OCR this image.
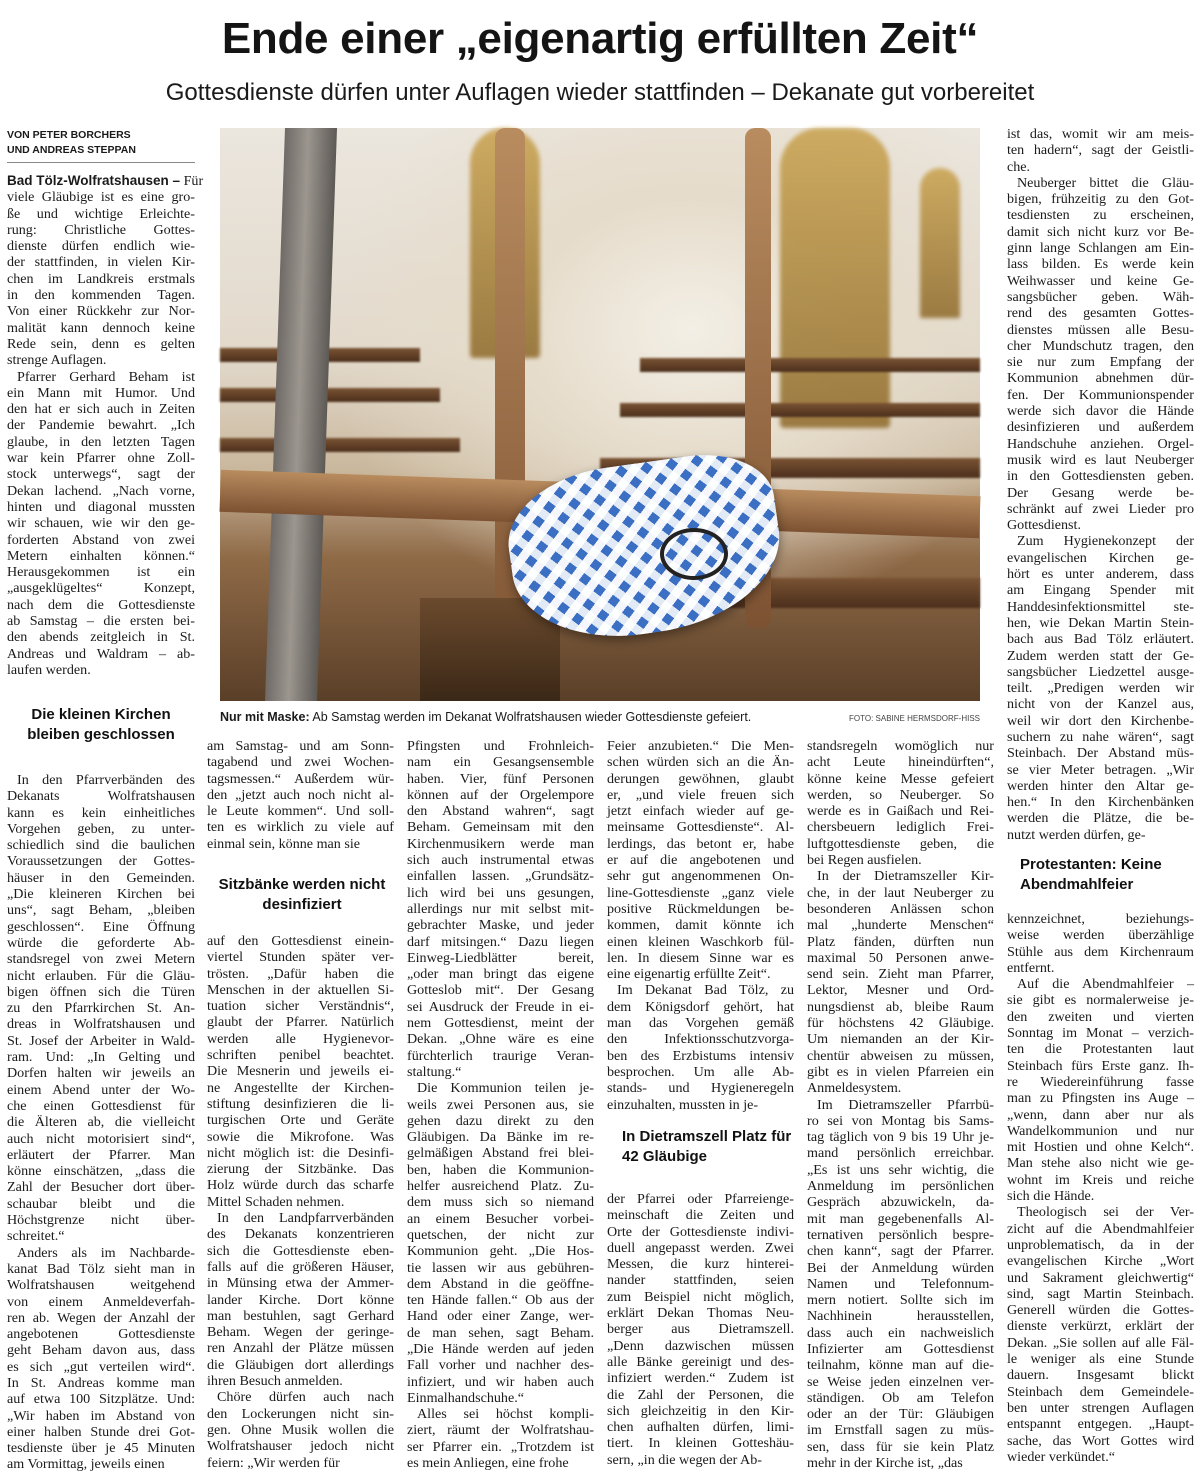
Ende einer „eigenartig erfüllten Zeit“
Gottesdienste dürfen unter Auflagen wieder stattfinden – Dekanate gut vorbereitet
VON PETER BORCHERS
UND ANDREAS STEPPAN
Nur mit Maske: Ab Samstag werden im Dekanat Wolfratshausen wieder Gottesdienste gefeiert.	FOTO: SABINE HERMSDORF-HISS
Bad Tölz-Wolfratshausen – Für
viele Gläubige ist es eine gro-
ße und wichtige Erleichte-
rung: Christliche Gottes-
dienste dürfen endlich wie-
der stattfinden, in vielen Kir-
chen im Landkreis erstmals
in den kommenden Tagen.
Von einer Rückkehr zur Nor-
malität kann dennoch keine
Rede sein, denn es gelten
strenge Auflagen.
Pfarrer Gerhard Beham ist
ein Mann mit Humor. Und
den hat er sich auch in Zeiten
der Pandemie bewahrt. „Ich
glaube, in den letzten Tagen
war kein Pfarrer ohne Zoll-
stock unterwegs“, sagt der
Dekan lachend. „Nach vorne,
hinten und diagonal mussten
wir schauen, wie wir den ge-
forderten Abstand von zwei
Metern einhalten können.“
Herausgekommen ist ein
„ausgeklügeltes“ Konzept,
nach dem die Gottesdienste
ab Samstag – die ersten bei-
den abends zeitgleich in St.
Andreas und Waldram – ab-
laufen werden.
Die kleinen Kirchen bleiben geschlossen
In den Pfarrverbänden des
Dekanats Wolfratshausen
kann es kein einheitliches
Vorgehen geben, zu unter-
schiedlich sind die baulichen
Voraussetzungen der Gottes-
häuser in den Gemeinden.
„Die kleineren Kirchen bei
uns“, sagt Beham, „bleiben
geschlossen“. Eine Öffnung
würde die geforderte Ab-
standsregel von zwei Metern
nicht erlauben. Für die Gläu-
bigen öffnen sich die Türen
zu den Pfarrkirchen St. An-
dreas in Wolfratshausen und
St. Josef der Arbeiter in Wald-
ram. Und: „In Gelting und
Dorfen halten wir jeweils an
einem Abend unter der Wo-
che einen Gottesdienst für
die Älteren ab, die vielleicht
auch nicht motorisiert sind“,
erläutert der Pfarrer. Man
könne einschätzen, „dass die
Zahl der Besucher dort über-
schaubar bleibt und die
Höchstgrenze nicht über-
schreitet.“
Anders als im Nachbarde-
kanat Bad Tölz sieht man in
Wolfratshausen weitgehend
von einem Anmeldeverfah-
ren ab. Wegen der Anzahl der
angebotenen Gottesdienste
geht Beham davon aus, dass
es sich „gut verteilen wird“.
In St. Andreas komme man
auf etwa 100 Sitzplätze. Und:
„Wir haben im Abstand von
einer halben Stunde drei Got-
tesdienste über je 45 Minuten
am Vormittag, jeweils einen
am Samstag- und am Sonn-
tagabend und zwei Wochen-
tagsmessen.“ Außerdem wür-
den „jetzt auch noch nicht al-
le Leute kommen“. Und soll-
ten es wirklich zu viele auf
einmal sein, könne man sie
Sitzbänke werden nicht desinfiziert
auf den Gottesdienst einein-
viertel Stunden später ver-
trösten. „Dafür haben die
Menschen in der aktuellen Si-
tuation sicher Verständnis“,
glaubt der Pfarrer. Natürlich
werden alle Hygienevor-
schriften penibel beachtet.
Die Mesnerin und jeweils ei-
ne Angestellte der Kirchen-
stiftung desinfizieren die li-
turgischen Orte und Geräte
sowie die Mikrofone. Was
nicht möglich ist: die Desinfi-
zierung der Sitzbänke. Das
Holz würde durch das scharfe
Mittel Schaden nehmen.
In den Landpfarrverbänden
des Dekanats konzentrieren
sich die Gottesdienste eben-
falls auf die größeren Häuser,
in Münsing etwa der Ammer-
lander Kirche. Dort könne
man bestuhlen, sagt Gerhard
Beham. Wegen der geringe-
ren Anzahl der Plätze müssen
die Gläubigen dort allerdings
ihren Besuch anmelden.
Chöre dürfen auch nach
den Lockerungen nicht sin-
gen. Ohne Musik wollen die
Wolfratshauser jedoch nicht
feiern: „Wir werden für
Pfingsten und Frohnleich-
nam ein Gesangsensemble
haben. Vier, fünf Personen
können auf der Orgelempore
den Abstand wahren“, sagt
Beham. Gemeinsam mit den
Kirchenmusikern werde man
sich auch instrumental etwas
einfallen lassen. „Grundsätz-
lich wird bei uns gesungen,
allerdings nur mit selbst mit-
gebrachter Maske, und jeder
darf mitsingen.“ Dazu liegen
Einweg-Liedblätter bereit,
„oder man bringt das eigene
Gotteslob mit“. Der Gesang
sei Ausdruck der Freude in ei-
nem Gottesdienst, meint der
Dekan. „Ohne wäre es eine
fürchterlich traurige Veran-
staltung.“
Die Kommunion teilen je-
weils zwei Personen aus, sie
gehen dazu direkt zu den
Gläubigen. Da Bänke im re-
gelmäßigen Abstand frei blei-
ben, haben die Kommunion-
helfer ausreichend Platz. Zu-
dem muss sich so niemand
an einem Besucher vorbei-
quetschen, der nicht zur
Kommunion geht. „Die Hos-
tie lassen wir aus gebühren-
dem Abstand in die geöffne-
ten Hände fallen.“ Ob aus der
Hand oder einer Zange, wer-
de man sehen, sagt Beham.
„Die Hände werden auf jeden
Fall vorher und nachher des-
infiziert, und wir haben auch
Einmalhandschuhe.“
Alles sei höchst kompli-
ziert, räumt der Wolfratshau-
ser Pfarrer ein. „Trotzdem ist
es mein Anliegen, eine frohe
Feier anzubieten.“ Die Men-
schen würden sich an die Än-
derungen gewöhnen, glaubt
er, „und viele freuen sich
jetzt einfach wieder auf ge-
meinsame Gottesdienste“. Al-
lerdings, das betont er, habe
er auf die angebotenen und
sehr gut angenommenen On-
line-Gottesdienste „ganz viele
positive Rückmeldungen be-
kommen, damit könnte ich
einen kleinen Waschkorb fül-
len. In diesem Sinne war es
eine eigenartig erfüllte Zeit“.
Im Dekanat Bad Tölz, zu
dem Königsdorf gehört, hat
man das Vorgehen gemäß
den Infektionsschutzvorga-
ben des Erzbistums intensiv
besprochen. Um alle Ab-
stands- und Hygieneregeln
einzuhalten, mussten in je-
In Dietramszell Platz für 42 Gläubige
der Pfarrei oder Pfarreienge-
meinschaft die Zeiten und
Orte der Gottesdienste indivi-
duell angepasst werden. Zwei
Messen, die kurz hinterei-
nander stattfinden, seien
zum Beispiel nicht möglich,
erklärt Dekan Thomas Neu-
berger aus Dietramszell.
„Denn dazwischen müssen
alle Bänke gereinigt und des-
infiziert werden.“ Zudem ist
die Zahl der Personen, die
sich gleichzeitig in den Kir-
chen aufhalten dürfen, limi-
tiert. In kleinen Gotteshäu-
sern, „in die wegen der Ab-
standsregeln womöglich nur
acht Leute hineindürften“,
könne keine Messe gefeiert
werden, so Neuberger. So
werde es in Gaißach und Rei-
chersbeuern lediglich Frei-
luftgottesdienste geben, die
bei Regen ausfielen.
In der Dietramszeller Kir-
che, in der laut Neuberger zu
besonderen Anlässen schon
mal „hunderte Menschen“
Platz fänden, dürften nun
maximal 50 Personen anwe-
send sein. Zieht man Pfarrer,
Lektor, Mesner und Ord-
nungsdienst ab, bleibe Raum
für höchstens 42 Gläubige.
Um niemanden an der Kir-
chentür abweisen zu müssen,
gibt es in vielen Pfarreien ein
Anmeldesystem.
Im Dietramszeller Pfarrbü-
ro sei von Montag bis Sams-
tag täglich von 9 bis 19 Uhr je-
mand persönlich erreichbar.
„Es ist uns sehr wichtig, die
Anmeldung im persönlichen
Gespräch abzuwickeln, da-
mit man gegebenenfalls Al-
ternativen persönlich bespre-
chen kann“, sagt der Pfarrer.
Bei der Anmeldung würden
Namen und Telefonnum-
mern notiert. Sollte sich im
Nachhinein herausstellen,
dass auch ein nachweislich
Infizierter am Gottesdienst
teilnahm, könne man auf die-
se Weise jeden einzelnen ver-
ständigen. Ob am Telefon
oder an der Tür: Gläubigen
im Ernstfall sagen zu müs-
sen, dass für sie kein Platz
mehr in der Kirche ist, „das
ist das, womit wir am meis-
ten hadern“, sagt der Geistli-
che.
Neuberger bittet die Gläu-
bigen, frühzeitig zu den Got-
tesdiensten zu erscheinen,
damit sich nicht kurz vor Be-
ginn lange Schlangen am Ein-
lass bilden. Es werde kein
Weihwasser und keine Ge-
sangsbücher geben. Wäh-
rend des gesamten Gottes-
dienstes müssen alle Besu-
cher Mundschutz tragen, den
sie nur zum Empfang der
Kommunion abnehmen dür-
fen. Der Kommunionspender
werde sich davor die Hände
desinfizieren und außerdem
Handschuhe anziehen. Orgel-
musik wird es laut Neuberger
in den Gottesdiensten geben.
Der Gesang werde be-
schränkt auf zwei Lieder pro
Gottesdienst.
Zum Hygienekonzept der
evangelischen Kirchen ge-
hört es unter anderem, dass
am Eingang Spender mit
Handdesinfektionsmittel ste-
hen, wie Dekan Martin Stein-
bach aus Bad Tölz erläutert.
Zudem werden statt der Ge-
sangsbücher Liedzettel ausge-
teilt. „Predigen werden wir
nicht von der Kanzel aus,
weil wir dort den Kirchenbe-
suchern zu nahe wären“, sagt
Steinbach. Der Abstand müs-
se vier Meter betragen. „Wir
werden hinter den Altar ge-
hen.“ In den Kirchenbänken
werden die Plätze, die be-
nutzt werden dürfen, ge-
Protestanten: Keine Abendmahlfeier
kennzeichnet, beziehungs-
weise werden überzählige
Stühle aus dem Kirchenraum
entfernt.
Auf die Abendmahlfeier –
sie gibt es normalerweise je-
den zweiten und vierten
Sonntag im Monat – verzich-
ten die Protestanten laut
Steinbach fürs Erste ganz. Ih-
re Wiedereinführung fasse
man zu Pfingsten ins Auge –
„wenn, dann aber nur als
Wandelkommunion und nur
mit Hostien und ohne Kelch“.
Man stehe also nicht wie ge-
wohnt im Kreis und reiche
sich die Hände.
Theologisch sei der Ver-
zicht auf die Abendmahlfeier
unproblematisch, da in der
evangelischen Kirche „Wort
und Sakrament gleichwertig“
sind, sagt Martin Steinbach.
Generell würden die Gottes-
dienste verkürzt, erklärt der
Dekan. „Sie sollen auf alle Fäl-
le weniger als eine Stunde
dauern. Insgesamt blickt
Steinbach dem Gemeindele-
ben unter strengen Auflagen
entspannt entgegen. „Haupt-
sache, das Wort Gottes wird
wieder verkündet.“
